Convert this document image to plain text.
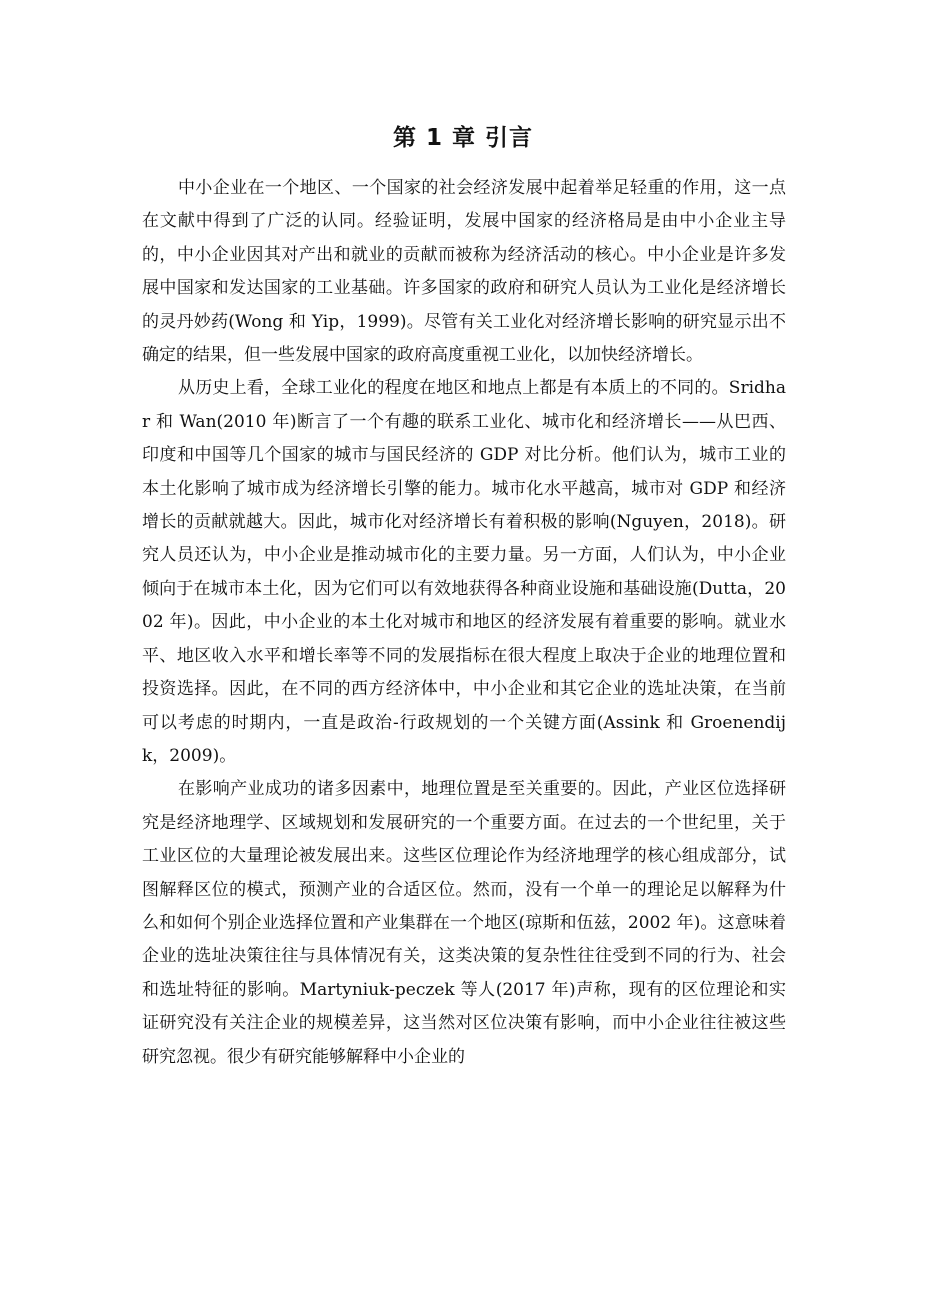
第 1 章 引言

中小企业在一个地区、一个国家的社会经济发展中起着举足轻重的作用，这一点在文献中得到了广泛的认同。经验证明，发展中国家的经济格局是由中小企业主导的，中小企业因其对产出和就业的贡献而被称为经济活动的核心。中小企业是许多发展中国家和发达国家的工业基础。许多国家的政府和研究人员认为工业化是经济增长的灵丹妙药(Wong 和 Yip，1999)。尽管有关工业化对经济增长影响的研究显示出不确定的结果，但一些发展中国家的政府高度重视工业化，以加快经济增长。

从历史上看，全球工业化的程度在地区和地点上都是有本质上的不同的。Sridhar 和 Wan(2010 年)断言了一个有趣的联系工业化、城市化和经济增长——从巴西、印度和中国等几个国家的城市与国民经济的 GDP 对比分析。他们认为，城市工业的本土化影响了城市成为经济增长引擎的能力。城市化水平越高，城市对 GDP 和经济增长的贡献就越大。因此，城市化对经济增长有着积极的影响(Nguyen，2018)。研究人员还认为，中小企业是推动城市化的主要力量。另一方面，人们认为，中小企业倾向于在城市本土化，因为它们可以有效地获得各种商业设施和基础设施(Dutta，2002 年)。因此，中小企业的本土化对城市和地区的经济发展有着重要的影响。就业水平、地区收入水平和增长率等不同的发展指标在很大程度上取决于企业的地理位置和投资选择。因此，在不同的西方经济体中，中小企业和其它企业的选址决策，在当前可以考虑的时期内，一直是政治-行政规划的一个关键方面(Assink 和 Groenendijk，2009)。

在影响产业成功的诸多因素中，地理位置是至关重要的。因此，产业区位选择研究是经济地理学、区域规划和发展研究的一个重要方面。在过去的一个世纪里，关于工业区位的大量理论被发展出来。这些区位理论作为经济地理学的核心组成部分，试图解释区位的模式，预测产业的合适区位。然而，没有一个单一的理论足以解释为什么和如何个别企业选择位置和产业集群在一个地区(琼斯和伍兹，2002 年)。这意味着企业的选址决策往往与具体情况有关，这类决策的复杂性往往受到不同的行为、社会和选址特征的影响。Martyniuk-peczek 等人(2017 年)声称，现有的区位理论和实证研究没有关注企业的规模差异，这当然对区位决策有影响，而中小企业往往被这些研究忽视。很少有研究能够解释中小企业的
